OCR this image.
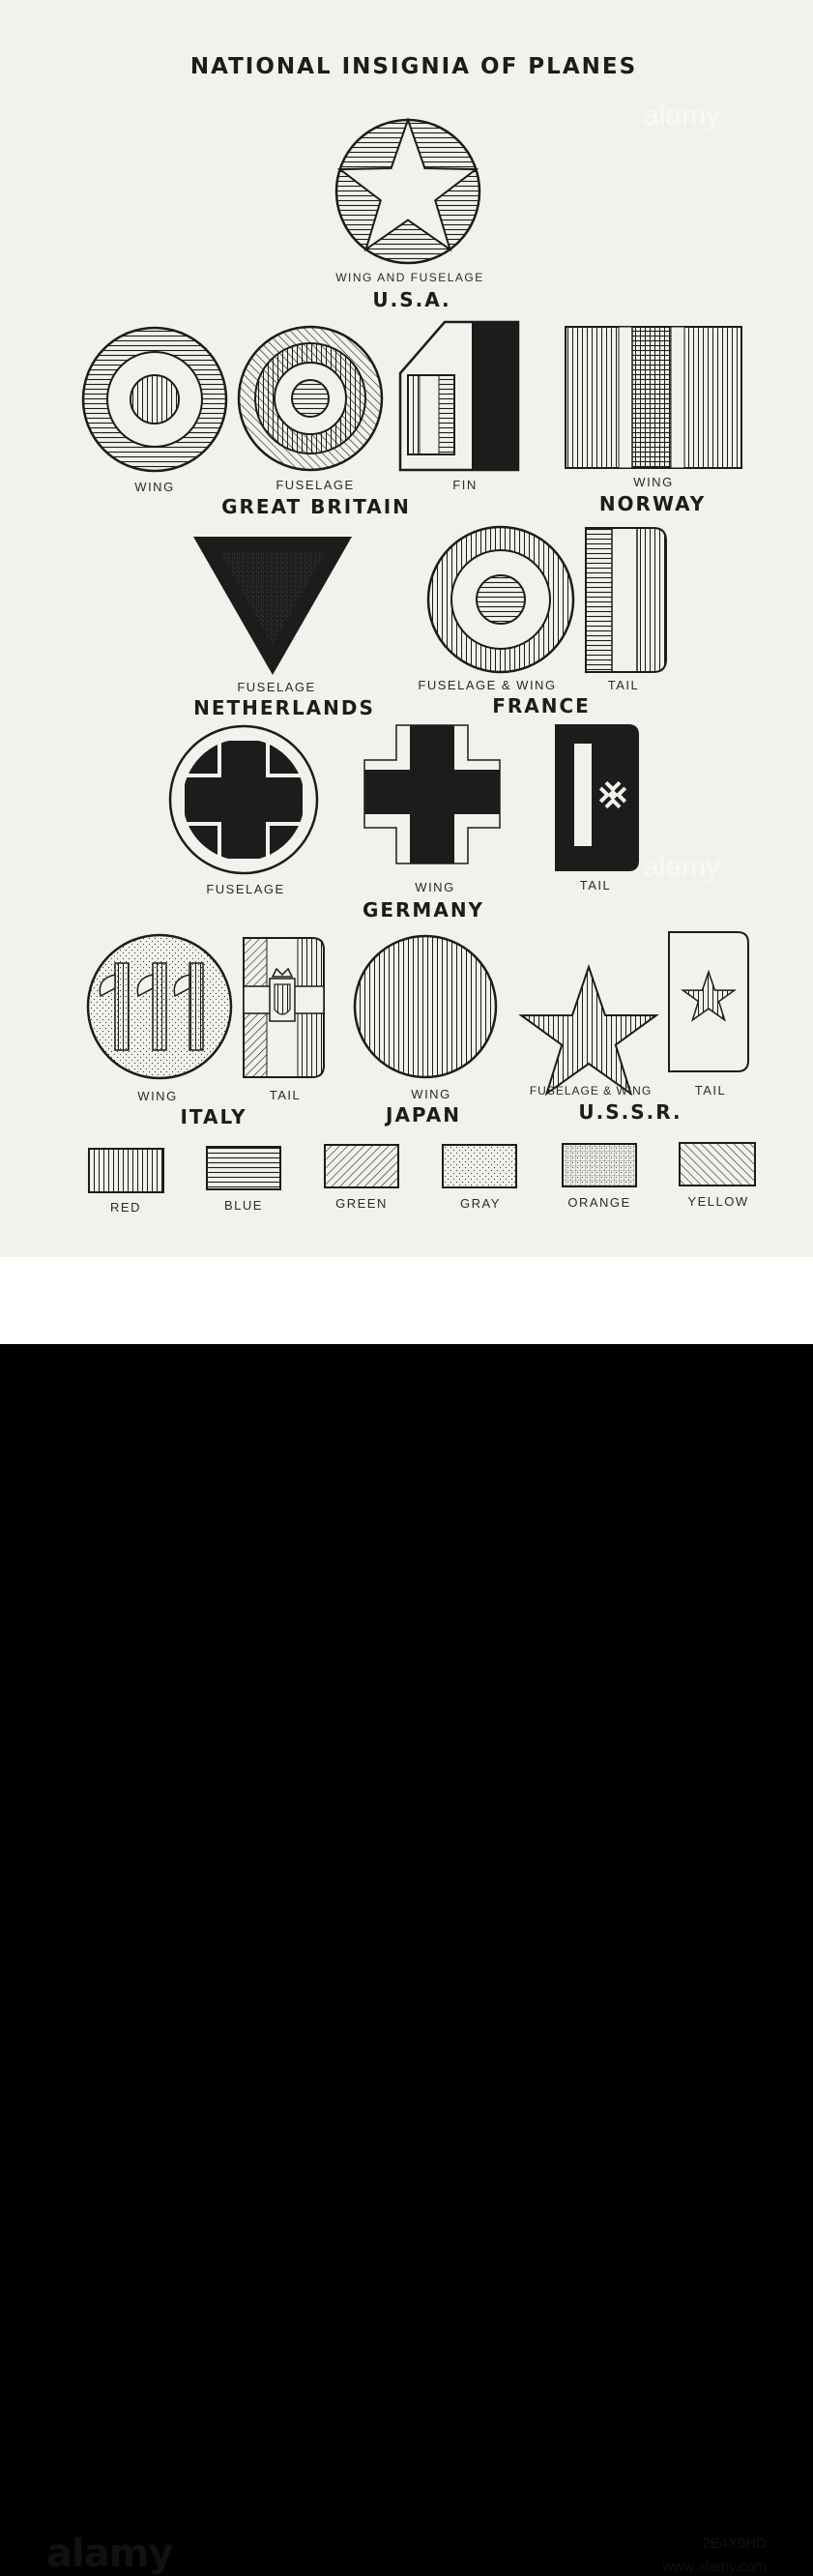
NATIONAL INSIGNIA OF PLANES
WING AND FUSELAGE
U.S.A.
WING	FUSELAGE	FIN
GREAT BRITAIN
WING
NORWAY
FUSELAGE
NETHERLANDS
FUSELAGE & WING	TAIL
FRANCE
FUSELAGE	WING	TAIL
GERMANY
WING	TAIL
ITALY
WING
JAPAN
FUSELAGE & WING	TAIL
U.S.S.R.
RED	BLUE	GREEN	GRAY	ORANGE	YELLOW
alamy
alamy
alamy	2E4X9HD
www.alamy.com
